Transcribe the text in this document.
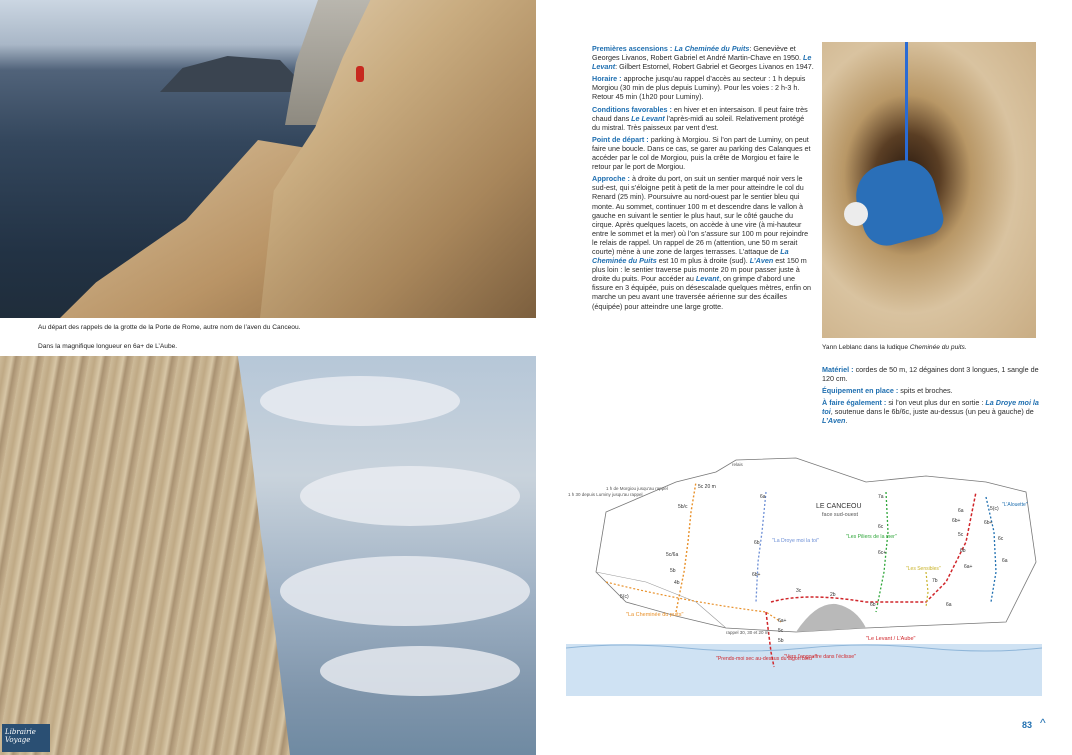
Au départ des rappels de la grotte de la Porte de Rome, autre nom de l’aven du Canceou.
Dans la magnifique longueur en 6a+ de L’Aube.
Librairie
Voyage

Premières ascensions : La Cheminée du Puits: Geneviève et Georges Livanos, Robert Gabriel et André Martin-Chave en 1950. Le Levant: Gilbert Estornel, Robert Gabriel et Georges Livanos en 1947.

Horaire : approche jusqu’au rappel d’accès au secteur : 1 h depuis Morgiou (30 min de plus depuis Luminy). Pour les voies : 2 h-3 h. Retour 45 min (1h20 pour Luminy).

Conditions favorables : en hiver et en intersaison. Il peut faire très chaud dans Le Levant l’après-midi au soleil. Relativement protégé du mistral. Très paisseux par vent d’est.

Point de départ : parking à Morgiou. Si l’on part de Luminy, on peut faire une boucle. Dans ce cas, se garer au parking des Calanques et accéder par le col de Morgiou, puis la crête de Morgiou et faire le retour par le port de Morgiou.

Approche : à droite du port, on suit un sentier marqué noir vers le sud-est, qui s’éloigne petit à petit de la mer pour atteindre le col du Renard (25 min). Poursuivre au nord-ouest par le sentier bleu qui monte. Au sommet, continuer 100 m et descendre dans le vallon à gauche en suivant le sentier le plus haut, sur le côté gauche du cirque. Après quelques lacets, on accède à une vire (à mi-hauteur entre le sommet et la mer) où l’on s’assure sur 100 m pour rejoindre le relais de rappel. Un rappel de 26 m (attention, une 50 m serait courte) mène à une zone de larges terrasses. L’attaque de La Cheminée du Puits est 10 m plus à droite (sud). L’Aven est 150 m plus loin : le sentier traverse puis monte 20 m pour passer juste à droite du puits. Pour accéder au Levant, on grimpe d’abord une fissure en 3 équipée, puis on désescalade quelques mètres, enfin on marche un peu avant une traversée aérienne sur des écailles (équipée) pour atteindre une large grotte.

Yann Leblanc dans la ludique Cheminée du puits.

Matériel : cordes de 50 m, 12 dégaines dont 3 longues, 1 sangle de 120 cm.

Équipement en place : spits et broches.

À faire également : si l’on veut plus dur en sortie : La Droye moi la toi, soutenue dans le 6b/6c, juste au-dessus (un peu à gauche) de L’Aven.

LE CANCEOU
face sud-ouest
"La Cheminée du puits"
"La Droye moi la toi"
"Les Piliers de la mer"
"Le Levant / L’Aube"
"L’Alouette"
"Les Sensibles"
"Prends-moi sec au-dessus du lagon bleu"
"Vers l’engouffre dans l’éclisse"
1 h 30 depuis Luminy jusqu’au rappel
1 h de Morgiou jusqu’au rappel
relais
rappel 30, 30 et 20 m
5c 20 m
5b/c
5c/6a
5b
4b
5(c)
6a
6b
6b+
7a
6c
6c+
6b
6a
6b+
5c
6b
6a+
6a
5(c)
6b+
6c
6a
7b
3c
2b
6a+
5c
5b
83 ^
